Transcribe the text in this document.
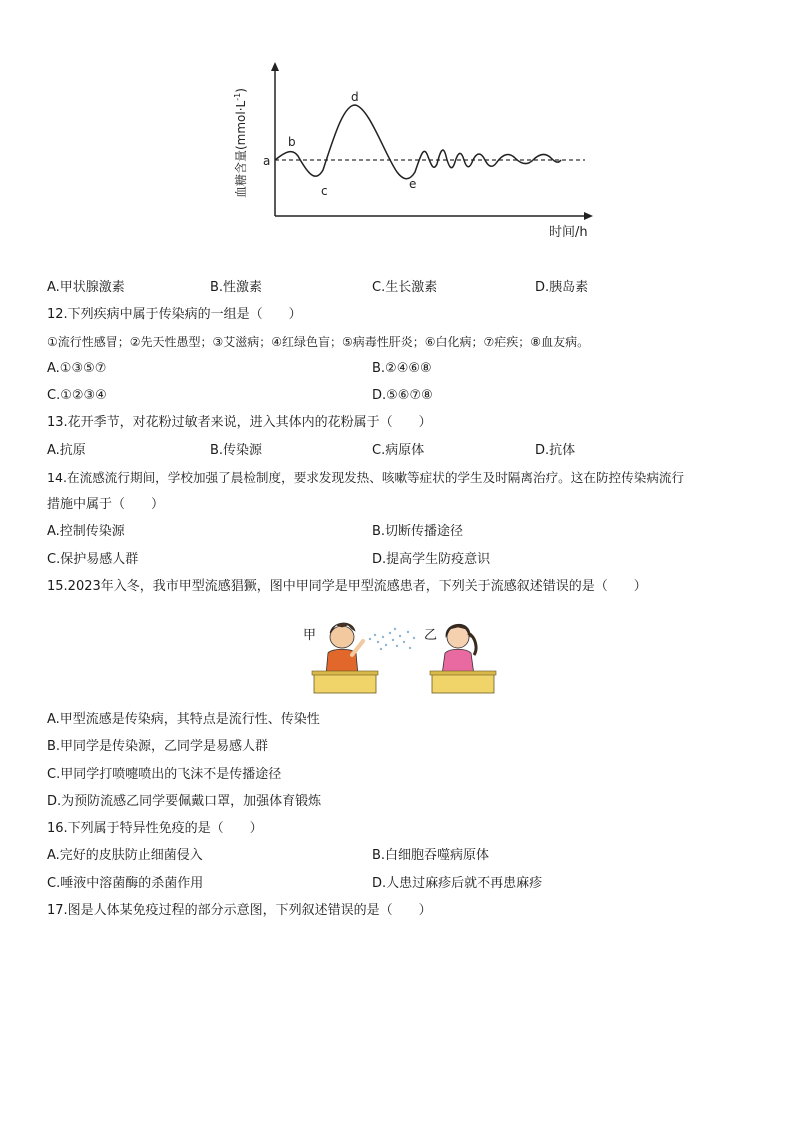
a
b
c
d
e
时间/h
血糖含量$(mmol\cdot L^{-1})$
A.甲状腺激素	B.性激素	C.生长激素	D.胰岛素
12.下列疾病中属于传染病的一组是（　　）
①流行性感冒；②先天性愚型；③艾滋病；④红绿色盲；⑤病毒性肝炎；⑥白化病；⑦疟疾；⑧血友病。
A.①③⑤⑦	B.②④⑥⑧
C.①②③④	D.⑤⑥⑦⑧
13.花开季节，对花粉过敏者来说，进入其体内的花粉属于（　　）
A.抗原	B.传染源	C.病原体	D.抗体
14.在流感流行期间，学校加强了晨检制度，要求发现发热、咳嗽等症状的学生及时隔离治疗。这在防控传染病流行
措施中属于（　　）
A.控制传染源	B.切断传播途径
C.保护易感人群	D.提高学生防疫意识
15.2023年入冬，我市甲型流感猖獗，图中甲同学是甲型流感患者，下列关于流感叙述错误的是（　　）
甲	乙
A.甲型流感是传染病，其特点是流行性、传染性
B.甲同学是传染源，乙同学是易感人群
C.甲同学打喷嚏喷出的飞沫不是传播途径
D.为预防流感乙同学要佩戴口罩，加强体育锻炼
16.下列属于特异性免疫的是（　　）
A.完好的皮肤防止细菌侵入	B.白细胞吞噬病原体
C.唾液中溶菌酶的杀菌作用	D.人患过麻疹后就不再患麻疹
17.图是人体某免疫过程的部分示意图，下列叙述错误的是（　　）
